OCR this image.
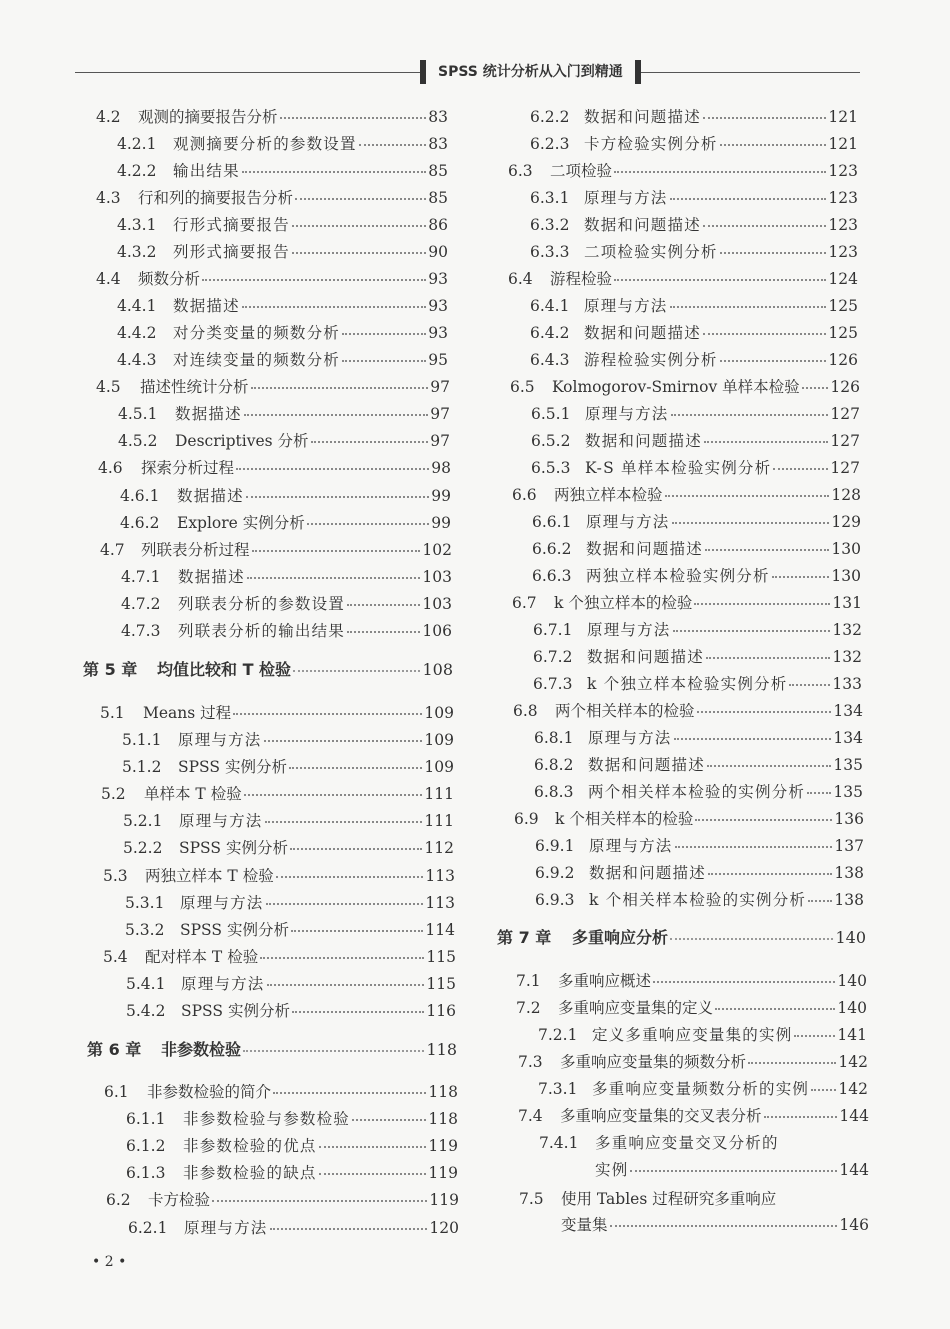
SPSS 统计分析从入门到精通
4.2	观测的摘要报告分析	83
4.2.1	观测摘要分析的参数设置	83
4.2.2	输出结果	85
4.3	行和列的摘要报告分析	85
4.3.1	行形式摘要报告	86
4.3.2	列形式摘要报告	90
4.4	频数分析	93
4.4.1	数据描述	93
4.4.2	对分类变量的频数分析	93
4.4.3	对连续变量的频数分析	95
4.5	描述性统计分析	97
4.5.1	数据描述	97
4.5.2	Descriptives 分析	97
4.6	探索分析过程	98
4.6.1	数据描述	99
4.6.2	Explore 实例分析	99
4.7	列联表分析过程	102
4.7.1	数据描述	103
4.7.2	列联表分析的参数设置	103
4.7.3	列联表分析的输出结果	106
第 5 章	均值比较和 T 检验	108
5.1	Means 过程	109
5.1.1	原理与方法	109
5.1.2	SPSS 实例分析	109
5.2	单样本 T 检验	111
5.2.1	原理与方法	111
5.2.2	SPSS 实例分析	112
5.3	两独立样本 T 检验	113
5.3.1	原理与方法	113
5.3.2	SPSS 实例分析	114
5.4	配对样本 T 检验	115
5.4.1	原理与方法	115
5.4.2	SPSS 实例分析	116
第 6 章	非参数检验	118
6.1	非参数检验的简介	118
6.1.1	非参数检验与参数检验	118
6.1.2	非参数检验的优点	119
6.1.3	非参数检验的缺点	119
6.2	卡方检验	119
6.2.1	原理与方法	120
6.2.2 数据和问题描述	121
6.2.3 卡方检验实例分析	121
6.3	二项检验	123
6.3.1 原理与方法	123
6.3.2 数据和问题描述	123
6.3.3 二项检验实例分析	123
6.4	游程检验	124
6.4.1 原理与方法	125
6.4.2 数据和问题描述	125
6.4.3 游程检验实例分析	126
6.5	Kolmogorov-Smirnov 单样本检验 126
6.5.1 原理与方法	127
6.5.2 数据和问题描述	127
6.5.3 K-S 单样本检验实例分析	127
6.6	两独立样本检验	128
6.6.1 原理与方法	129
6.6.2 数据和问题描述	130
6.6.3 两独立样本检验实例分析	130
6.7	k 个独立样本的检验	131
6.7.1 原理与方法	132
6.7.2 数据和问题描述	132
6.7.3 k 个独立样本检验实例分析	133
6.8	两个相关样本的检验	134
6.8.1 原理与方法	134
6.8.2 数据和问题描述	135
6.8.3 两个相关样本检验的实例分析 135
6.9	k 个相关样本的检验	136
6.9.1 原理与方法	137
6.9.2 数据和问题描述	138
6.9.3 k 个相关样本检验的实例分析 138
第 7 章	多重响应分析	140
7.1	多重响应概述	140
7.2	多重响应变量集的定义	140
7.2.1 定义多重响应变量集的实例	141
7.3	多重响应变量集的频数分析	142
7.3.1 多重响应变量频数分析的实例 142
7.4	多重响应变量集的交叉表分析	144
7.4.1	多重响应变量交叉分析的
实例	144
7.5	使用 Tables 过程研究多重响应
变量集	146
• 2 •
